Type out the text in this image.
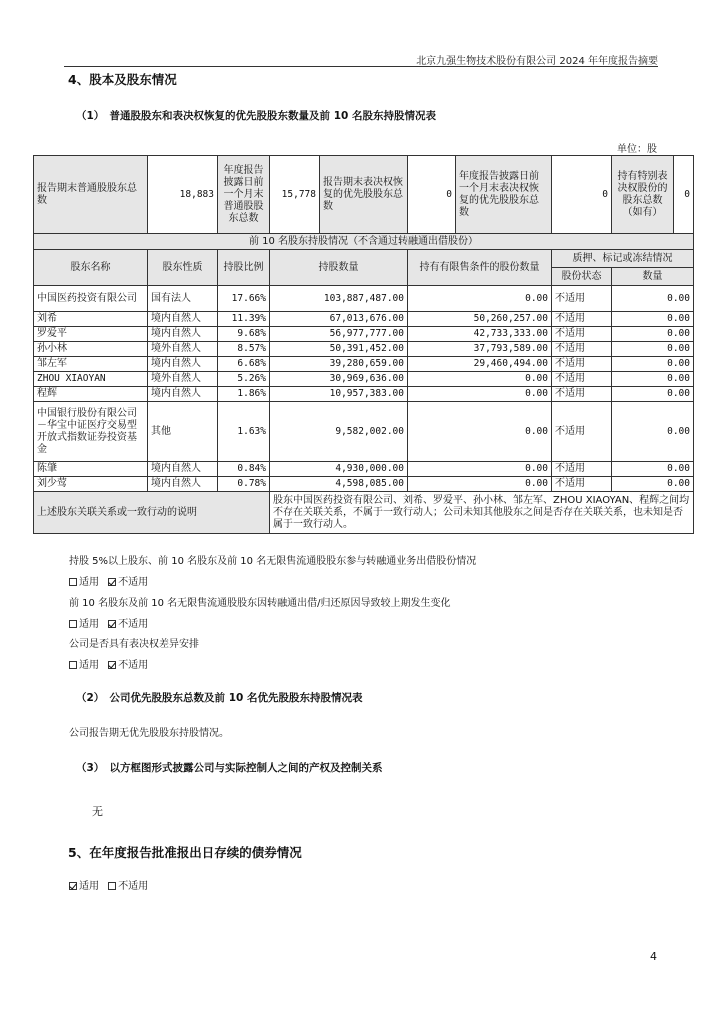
北京九强生物技术股份有限公司 2024 年年度报告摘要
4、股本及股东情况
（1）　普通股股东和表决权恢复的优先股股东数量及前 10 名股东持股情况表
单位：股
报告期末普通股股东总数	18,883	年度报告披露日前一个月末普通股股东总数	15,778	报告期末表决权恢复的优先股股东总数	0	年度报告披露日前一个月末表决权恢复的优先股股东总数	0	持有特别表决权股份的股东总数（如有）	0
前 10 名股东持股情况（不含通过转融通出借股份）									
股东名称	股东性质	持股比例	持股数量		持有有限售条件的股份数量		质押、标记或冻结情况		
							股份状态	数量	
中国医药投资有限公司	国有法人	17.66%	103,887,487.00		0.00		不适用	0.00	
刘希	境内自然人	11.39%	67,013,676.00		50,260,257.00		不适用	0.00	
罗爱平	境内自然人	9.68%	56,977,777.00		42,733,333.00		不适用	0.00	
孙小林	境外自然人	8.57%	50,391,452.00		37,793,589.00		不适用	0.00	
邹左军	境内自然人	6.68%	39,280,659.00		29,460,494.00		不适用	0.00	
ZHOU XIAOYAN	境外自然人	5.26%	30,969,636.00		0.00		不适用	0.00	
程辉	境内自然人	1.86%	10,957,383.00		0.00		不适用	0.00	
中国银行股份有限公司－华宝中证医疗交易型开放式指数证券投资基金	其他	1.63%	9,582,002.00		0.00		不适用	0.00	
陈肇	境内自然人	0.84%	4,930,000.00		0.00		不适用	0.00	
刘少莺	境内自然人	0.78%	4,598,085.00		0.00		不适用	0.00	
上述股东关联关系或一致行动的说明			股东中国医药投资有限公司、刘希、罗爱平、孙小林、邹左军、ZHOU XIAOYAN、程辉之间均不存在关联关系，不属于一致行动人；公司未知其他股东之间是否存在关联关系，也未知是否属于一致行动人。						
持股 5%以上股东、前 10 名股东及前 10 名无限售流通股股东参与转融通业务出借股份情况
适用 不适用
前 10 名股东及前 10 名无限售流通股股东因转融通出借/归还原因导致较上期发生变化
适用 不适用
公司是否具有表决权差异安排
适用 不适用
（2）　公司优先股股东总数及前 10 名优先股股东持股情况表
公司报告期无优先股股东持股情况。
（3）　以方框图形式披露公司与实际控制人之间的产权及控制关系
无
5、在年度报告批准报出日存续的债券情况
适用 不适用
4
